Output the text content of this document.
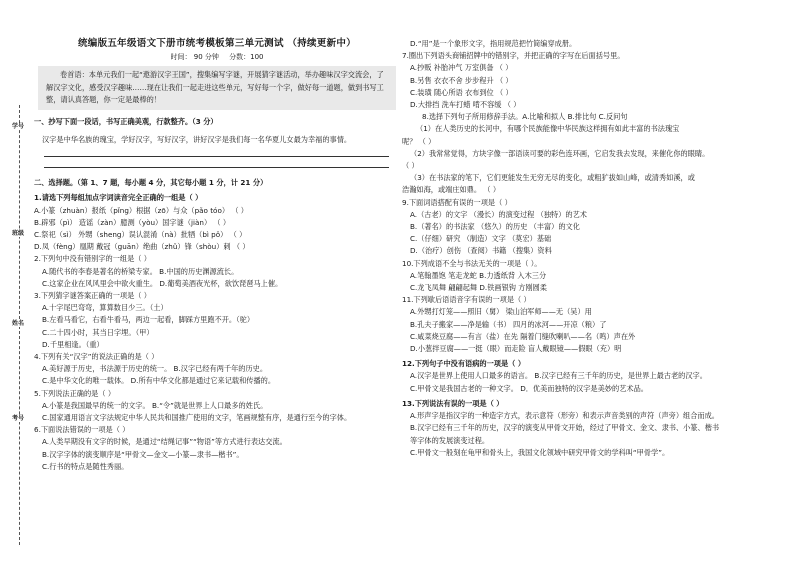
学号
班级
姓名
考号
统编版五年级语文下册市统考模板第三单元测试 （持续更新中）
时间： 90 分钟 分数：100
卷首语：本单元我们一起“遨游汉字王国”，搜集编写字谜，开展猜字谜活动，举办趣味汉字交流会，了解汉字文化，感受汉字趣味……现在让我们一起走进这些单元，写好每一个字，做好每一道题，做到书写工整，请认真答题，你一定是最棒的！
一、抄写下面一段话，书写正确美观，行款整齐。（3 分）
汉字是中华名族的瑰宝，学好汉字，写好汉字，讲好汉字是我们每一名华夏儿女最为幸福的事情。
二、选择题。（第 1、7 题，每小题 4 分，其它每小题 1 分，计 21 分）
1.请选下列每组加点字词读音完全正确的一组是（ ）
A.小篆（zhuàn）报纸（pǐng）根据（zō）与众（pǎo tóo） （ ）
B.辟邪（pì） 造谣（zàn）臆测（yòu）国字谜（jiàn） （ ）
C.祭祀（sì） 外甥（sheng）误认混淆（nà）批牺（bì pǒ） （ ）
D.凤（fèng）凰期 戴冠（guān）绝曲（zhǔ）锋（shòu）刺 （ ）
2.下列句中没有错别字的一组是（ ）
A.随代书的李春是著名的桥梁专家。 B.中国的历史渊源流长。
C.这家企业在风风里会中欲火重生。 D.葡萄美酒夜光杯，欲饮琵琶马上催。
3.下列猜字谜答案正确的一项是（ ）
A.十字尾巴弯弯，算算数目少三。（土）
B.左看马看它，右看牛看马，两边一起看，脚踩方里跑不开。（驼）
C.二十四小时，其当日字埋。（甲）
D.千里相逢。（重）
4.下列有关“汉字”的说法正确的是（ ）
A.美好源于历史，书法源于历史的统一。 B.汉字已经有两千年的历史。
C.是中华文化的唯一载体。 D.所有中华文化都是通过它来记载和传播的。
5.下列说法正确的是（ ）
A.小篆是我国最早的统一的文字。 B.“令”就是世界上人口最多的姓氏。
C.国家通用语言文字法规定中华人民共和国推广使用的文字，笔画规整有序，是通行至今的字体。
6.下面说法错误的一项是（ ）
A.人类早期没有文字的时候，是通过“结绳记事”“物语”等方式进行表达交流。
B.汉字字体的演变顺序是“甲骨文—金文—小篆—隶书—楷书”。
C.行书的特点是随性秀丽。
D.“用”是一个象形文字，指用规范把竹简编穿成册。
7.圈出下列语头商铺招牌中的错别字，并把正确的字写在后面括号里。
A.抄贩 补胎冲气 万室俱备 （ ）
B.另售 衣衣不舍 步步程升 （ ）
C.装璜 随心所语 衣布到位 （ ）
D.大排挡 洗车打蜡 啃不容缓 （ ）
8.选择下列句子所用修辞手法。A.比喻和拟人 B.排比句 C.反问句
（1）在人类历史的长河中，有哪个民族能像中华民族这样拥有如此丰富的书法瑰宝
呢？ （ ）
（2）我常常觉得，方块字像一部语读可要的彩色连环画，它启发我去发现，来催化你的眼睛。
（ ）
（3）在书法家的笔下，它们更能发生无穷无尽的变化，或粗犷拔如山峰，或清秀如溪，或
浩瀚如海，或端庄如鼎。 （ ）
9.下面词语搭配有误的一项是（ ）
A.（古老）的文字 （漫长）的演变过程 （独特）的艺术
B.（著名）的书法家 （悠久）的历史 （丰富）的文化
C.（仔细）研究 （制造）文字 （莫宏）基础
D.（治疗）创伤 （查阅）书籍 （搜集）资料
10.下列成语不全与书法无关的一项是（ ）。
A.笔翰墨饱 笔走龙蛇 B.力透纸背 入木三分
C.龙飞凤舞 翩翩起舞 D.铁画银钩 方刚圆柔
11.下列歇后语语音字有误的一项是（ ）
A.外甥打灯笼——照旧（舅） 梁山泊军师——无（吴）用
B.孔夫子搬家——净是输（书） 四月的冰河——开凉（粮）了
C.咸菜烧豆腐——有言（盐）在先 隔着门缝吹喇叭——名（鸣）声在外
D.小葱拌豆腐——一挺（眼）而走险 盲人戴眼镜——假眼（充）明
12.下列句子中没有语病的一项是（ ）
A.汉字是世界上使用人口最多的语言。 B.汉字已经有三千年的历史，是世界上最古老的汉字。
C.甲骨文是我国古老的一种文字。 D．优美而独特的汉字是美妙的艺术品。
13.下列说法有误的一项是（ ）
A.形声字是指汉字的一种造字方式，表示意符（形旁）和表示声音类别的声符（声旁）组合而成。
B.汉字已经有三千年的历史，汉字的演变从甲骨文开始，经过了甲骨文、金文、隶书、小篆、楷书
等字体的发展演变过程。
C.甲骨文一般刻在龟甲和骨头上，我国文化领域中研究甲骨文的学科叫“甲骨学”。
